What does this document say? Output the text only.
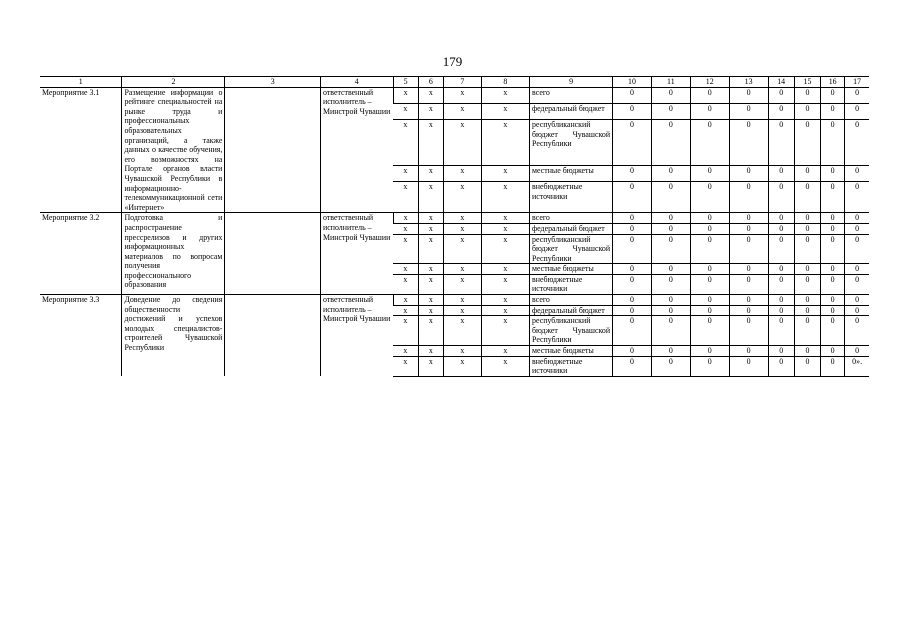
179
1	2	3	4	5	6	7	8	9	10	11	12	13	14	15	16	17
Мероприятие 3.1	Размещение информации о рейтинге специальностей на рынке труда и профессиональных образовательных организаций, а также данных о качестве обучения, его возможностях на Портале органов власти Чувашской Республики в информационно-телекоммуникационной сети «Интернет»		ответственный исполнитель – Минстрой Чувашии	х	х	х	х	всего	0	0	0	0	0	0	0	0
				х	х	х	х	федеральный бюджет	0	0	0	0	0	0	0	0
				х	х	х	х	республиканский бюджет Чувашской Республики	0	0	0	0	0	0	0	0
				х	х	х	х	местные бюджеты	0	0	0	0	0	0	0	0
				х	х	х	х	внебюджетные источники	0	0	0	0	0	0	0	0
Мероприятие 3.2	Подготовка и распространение прессрелизов и других информационных материалов по вопросам получения профессионального образования		ответственный исполнитель – Минстрой Чувашии	х	х	х	х	всего	0	0	0	0	0	0	0	0
				х	х	х	х	федеральный бюджет	0	0	0	0	0	0	0	0
				х	х	х	х	республиканский бюджет Чувашской Республики	0	0	0	0	0	0	0	0
				х	х	х	х	местные бюджеты	0	0	0	0	0	0	0	0
				х	х	х	х	внебюджетные источники	0	0	0	0	0	0	0	0
Мероприятие 3.3	Доведение до сведения общественности достижений и успехов молодых специалистов-строителей Чувашской Республики		ответственный исполнитель – Минстрой Чувашии	х	х	х	х	всего	0	0	0	0	0	0	0	0
				х	х	х	х	федеральный бюджет	0	0	0	0	0	0	0	0
				х	х	х	х	республиканский бюджет Чувашской Республики	0	0	0	0	0	0	0	0
				х	х	х	х	местные бюджеты	0	0	0	0	0	0	0	0
				х	х	х	х	внебюджетные источники	0	0	0	0	0	0	0	0».
